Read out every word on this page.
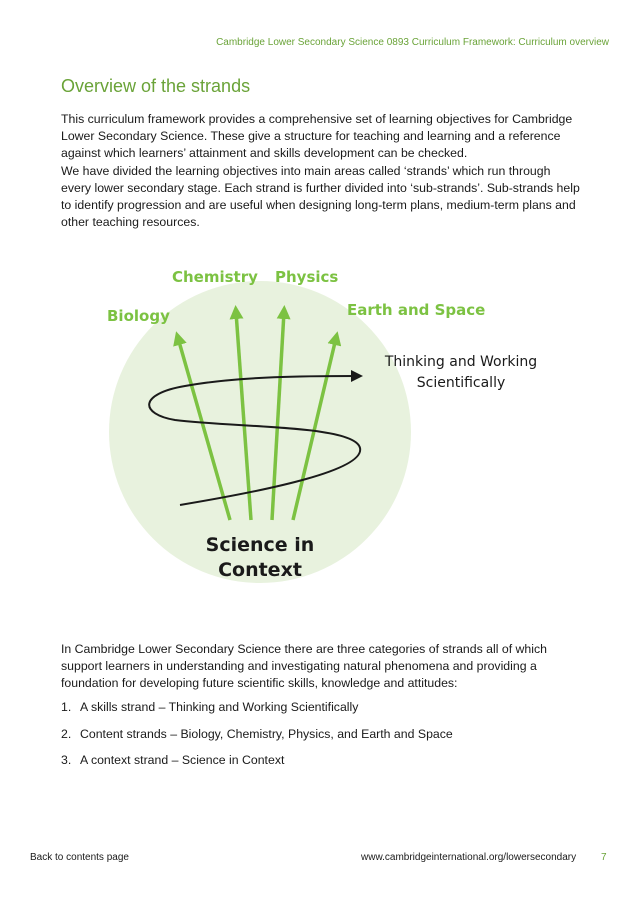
Cambridge Lower Secondary Science 0893 Curriculum Framework: Curriculum overview
Overview of the strands

This curriculum framework provides a comprehensive set of learning objectives for Cambridge Lower Secondary Science. These give a structure for teaching and learning and a reference against which learners’ attainment and skills development can be checked.

We have divided the learning objectives into main areas called ‘strands’ which run through every lower secondary stage. Each strand is further divided into ‘sub-strands’. Sub-strands help to identify progression and are useful when designing long-term plans, medium-term plans and other teaching resources.

Biology
Chemistry Physics
Earth and Space
Thinking and Working
Scientifically
Science in
Context

In Cambridge Lower Secondary Science there are three categories of strands all of which support learners in understanding and investigating natural phenomena and providing a foundation for developing future scientific skills, knowledge and attitudes:

1. A skills strand – Thinking and Working Scientifically
2. Content strands – Biology, Chemistry, Physics, and Earth and Space
3. A context strand – Science in Context
Back to contents page	www.cambridgeinternational.org/lowersecondary 7
